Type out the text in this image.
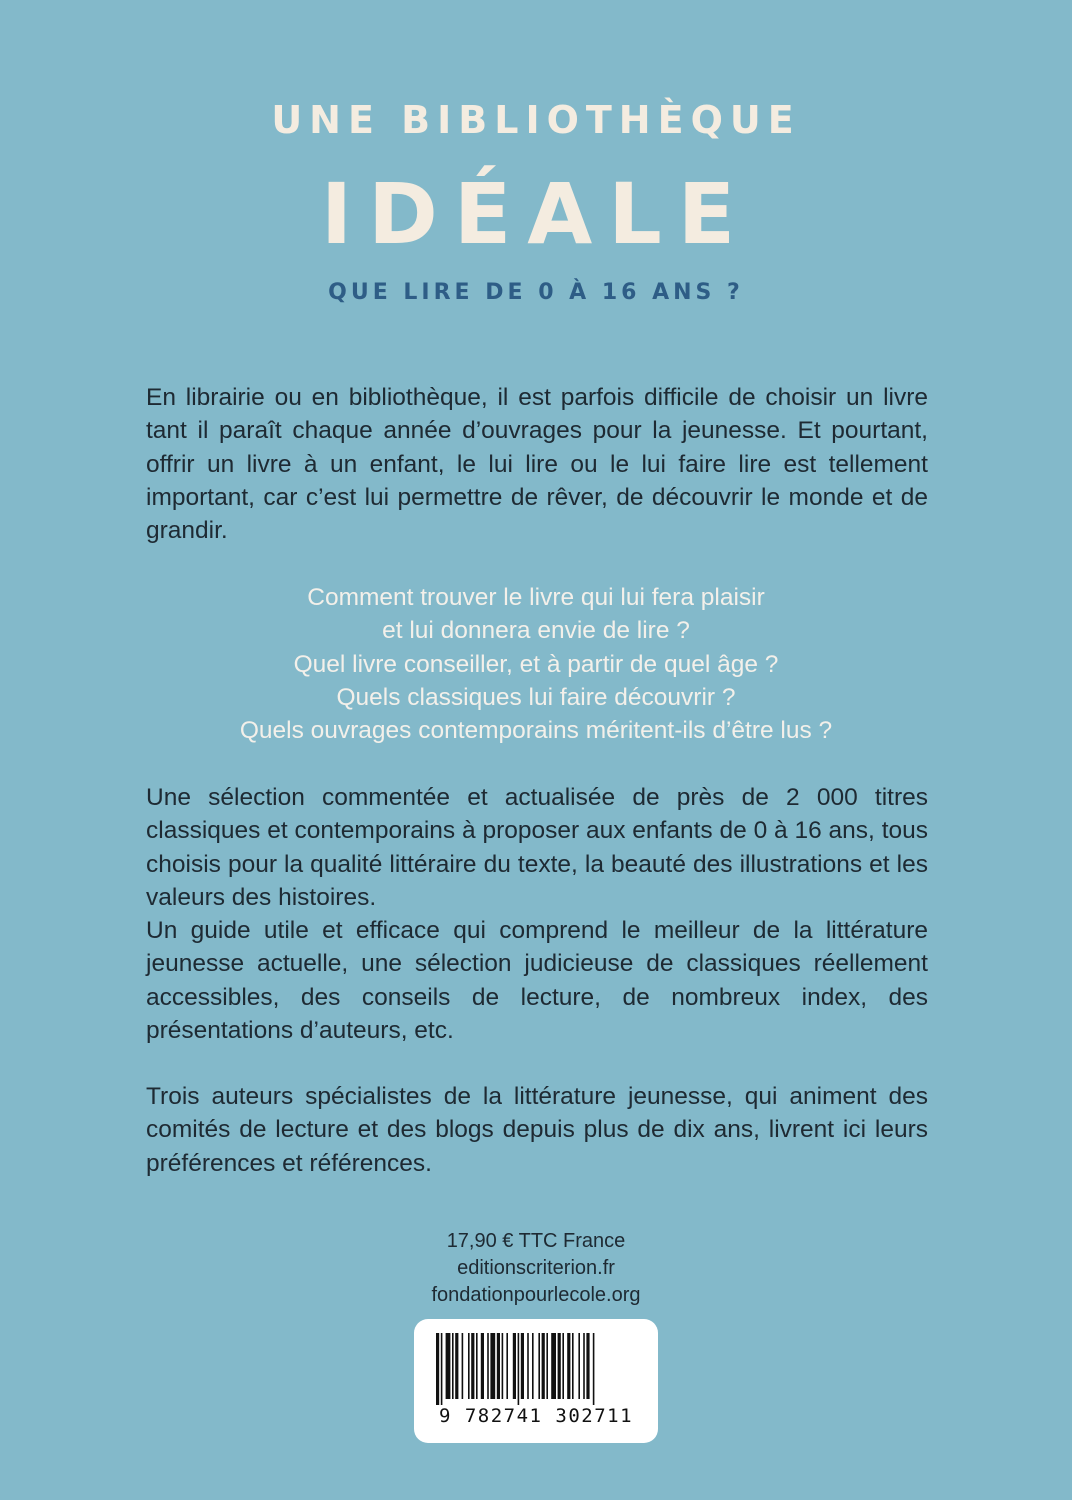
UNE BIBLIOTHÈQUE
IDÉALE
QUE LIRE DE 0 À 16 ANS ?

En librairie ou en bibliothèque, il est parfois difficile de choisir un livre tant il paraît chaque année d’ouvrages pour la jeunesse. Et pourtant, offrir un livre à un enfant, le lui lire ou le lui faire lire est tellement important, car c’est lui permettre de rêver, de découvrir le monde et de grandir.

Comment trouver le livre qui lui fera plaisir
et lui donnera envie de lire ?
Quel livre conseiller, et à partir de quel âge ?
Quels classiques lui faire découvrir ?
Quels ouvrages contemporains méritent-ils d’être lus ?

Une sélection commentée et actualisée de près de 2 000 titres classiques et contemporains à proposer aux enfants de 0 à 16 ans, tous choisis pour la qualité littéraire du texte, la beauté des illustrations et les valeurs des histoires.

Un guide utile et efficace qui comprend le meilleur de la littérature jeunesse actuelle, une sélection judicieuse de classiques réellement accessibles, des conseils de lecture, de nombreux index, des présentations d’auteurs, etc.

Trois auteurs spécialistes de la littérature jeunesse, qui animent des comités de lecture et des blogs depuis plus de dix ans, livrent ici leurs préférences et références.

17,90 € TTC France
editionscriterion.fr
fondationpourlecole.org
9 782741 302711
